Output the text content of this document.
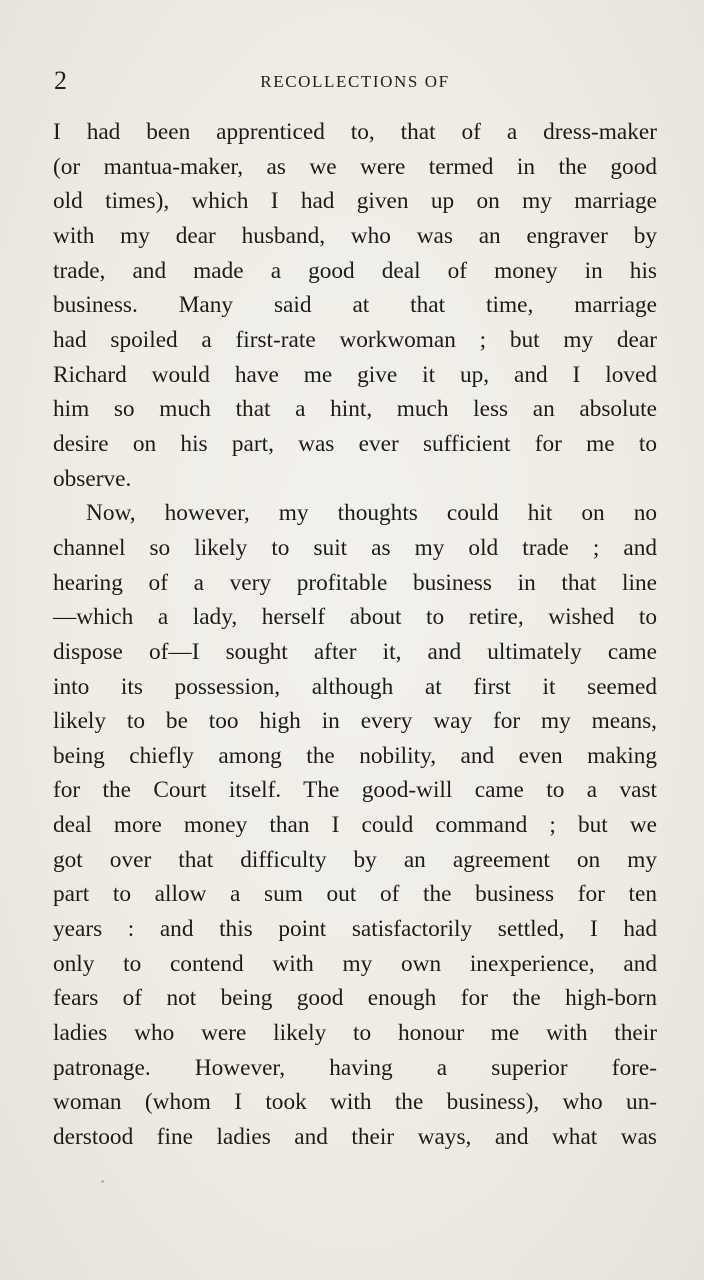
2	RECOLLECTIONS OF
I had been apprenticed to, that of a dress-maker
(or mantua-maker, as we were termed in the good
old times), which I had given up on my marriage
with my dear husband, who was an engraver by
trade, and made a good deal of money in his
business. Many said at that time, marriage
had spoiled a first-rate workwoman ; but my dear
Richard would have me give it up, and I loved
him so much that a hint, much less an absolute
desire on his part, was ever sufficient for me to
observe.
Now, however, my thoughts could hit on no
channel so likely to suit as my old trade ; and
hearing of a very profitable business in that line
—which a lady, herself about to retire, wished to
dispose of—I sought after it, and ultimately came
into its possession, although at first it seemed
likely to be too high in every way for my means,
being chiefly among the nobility, and even making
for the Court itself. The good-will came to a vast
deal more money than I could command ; but we
got over that difficulty by an agreement on my
part to allow a sum out of the business for ten
years : and this point satisfactorily settled, I had
only to contend with my own inexperience, and
fears of not being good enough for the high-born
ladies who were likely to honour me with their
patronage. However, having a superior fore-
woman (whom I took with the business), who un-
derstood fine ladies and their ways, and what was
